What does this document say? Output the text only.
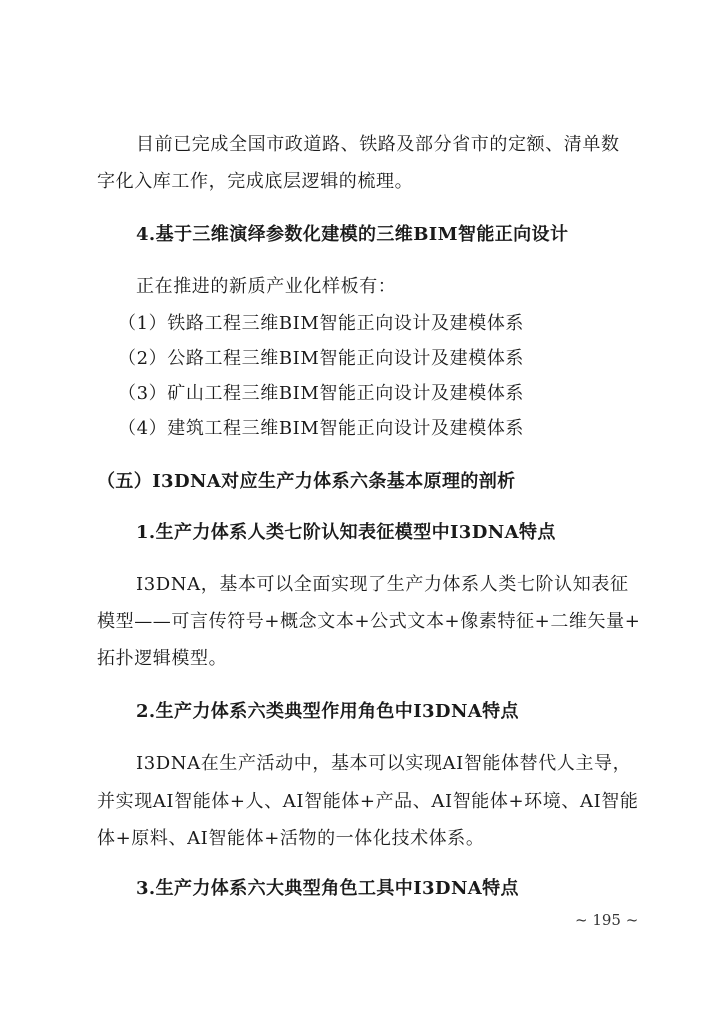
目前已完成全国市政道路、铁路及部分省市的定额、清单数
字化入库工作，完成底层逻辑的梳理。
4.基于三维演绎参数化建模的三维BIM智能正向设计
正在推进的新质产业化样板有：
（1）铁路工程三维BIM智能正向设计及建模体系
（2）公路工程三维BIM智能正向设计及建模体系
（3）矿山工程三维BIM智能正向设计及建模体系
（4）建筑工程三维BIM智能正向设计及建模体系
（五）I3DNA对应生产力体系六条基本原理的剖析
1.生产力体系人类七阶认知表征模型中I3DNA特点
I3DNA，基本可以全面实现了生产力体系人类七阶认知表征
模型——可言传符号+概念文本+公式文本+像素特征+二维矢量+
拓扑逻辑模型。
2.生产力体系六类典型作用角色中I3DNA特点
I3DNA在生产活动中，基本可以实现AI智能体替代人主导，
并实现AI智能体+人、AI智能体+产品、AI智能体+环境、AI智能
体+原料、AI智能体+活物的一体化技术体系。
3.生产力体系六大典型角色工具中I3DNA特点
~ 195 ~
